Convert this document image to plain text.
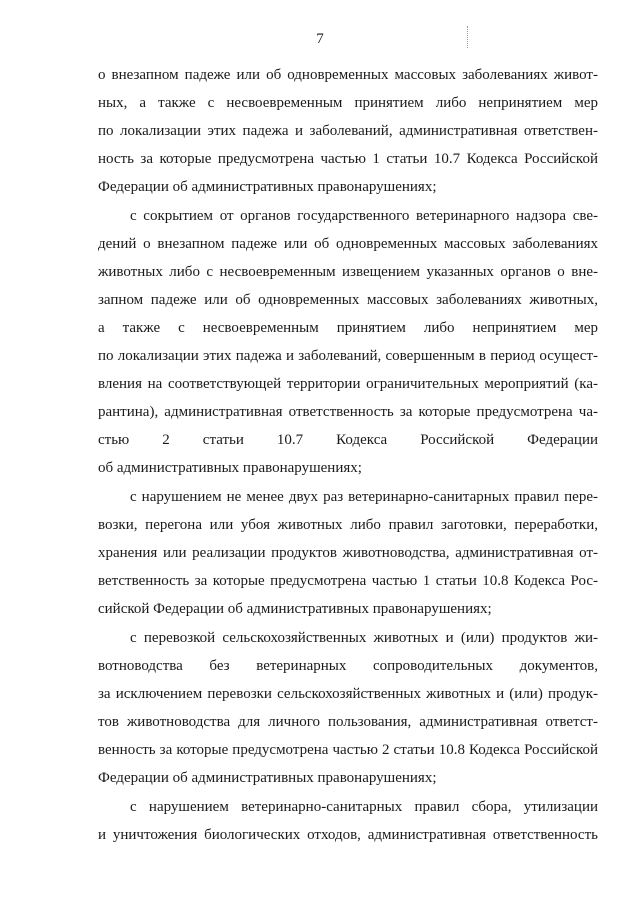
7

о внезапном падеже или об одновременных массовых заболеваниях живот-

ных, а также с несвоевременным принятием либо непринятием мер

по локализации этих падежа и заболеваний, административная ответствен-

ность за которые предусмотрена частью 1 статьи 10.7 Кодекса Российской

Федерации об административных правонарушениях;

с сокрытием от органов государственного ветеринарного надзора све-

дений о внезапном падеже или об одновременных массовых заболеваниях

животных либо с несвоевременным извещением указанных органов о вне-

запном падеже или об одновременных массовых заболеваниях животных,

а также с несвоевременным принятием либо непринятием мер

по локализации этих падежа и заболеваний, совершенным в период осущест-

вления на соответствующей территории ограничительных мероприятий (ка-

рантина), административная ответственность за которые предусмотрена ча-

стью 2 статьи 10.7 Кодекса Российской Федерации

об административных правонарушениях;

с нарушением не менее двух раз ветеринарно-санитарных правил пере-

возки, перегона или убоя животных либо правил заготовки, переработки,

хранения или реализации продуктов животноводства, административная от-

ветственность за которые предусмотрена частью 1 статьи 10.8 Кодекса Рос-

сийской Федерации об административных правонарушениях;

с перевозкой сельскохозяйственных животных и (или) продуктов жи-

вотноводства без ветеринарных сопроводительных документов,

за исключением перевозки сельскохозяйственных животных и (или) продук-

тов животноводства для личного пользования, административная ответст-

венность за которые предусмотрена частью 2 статьи 10.8 Кодекса Российской

Федерации об административных правонарушениях;

с нарушением ветеринарно-санитарных правил сбора, утилизации

и уничтожения биологических отходов, административная ответственность
